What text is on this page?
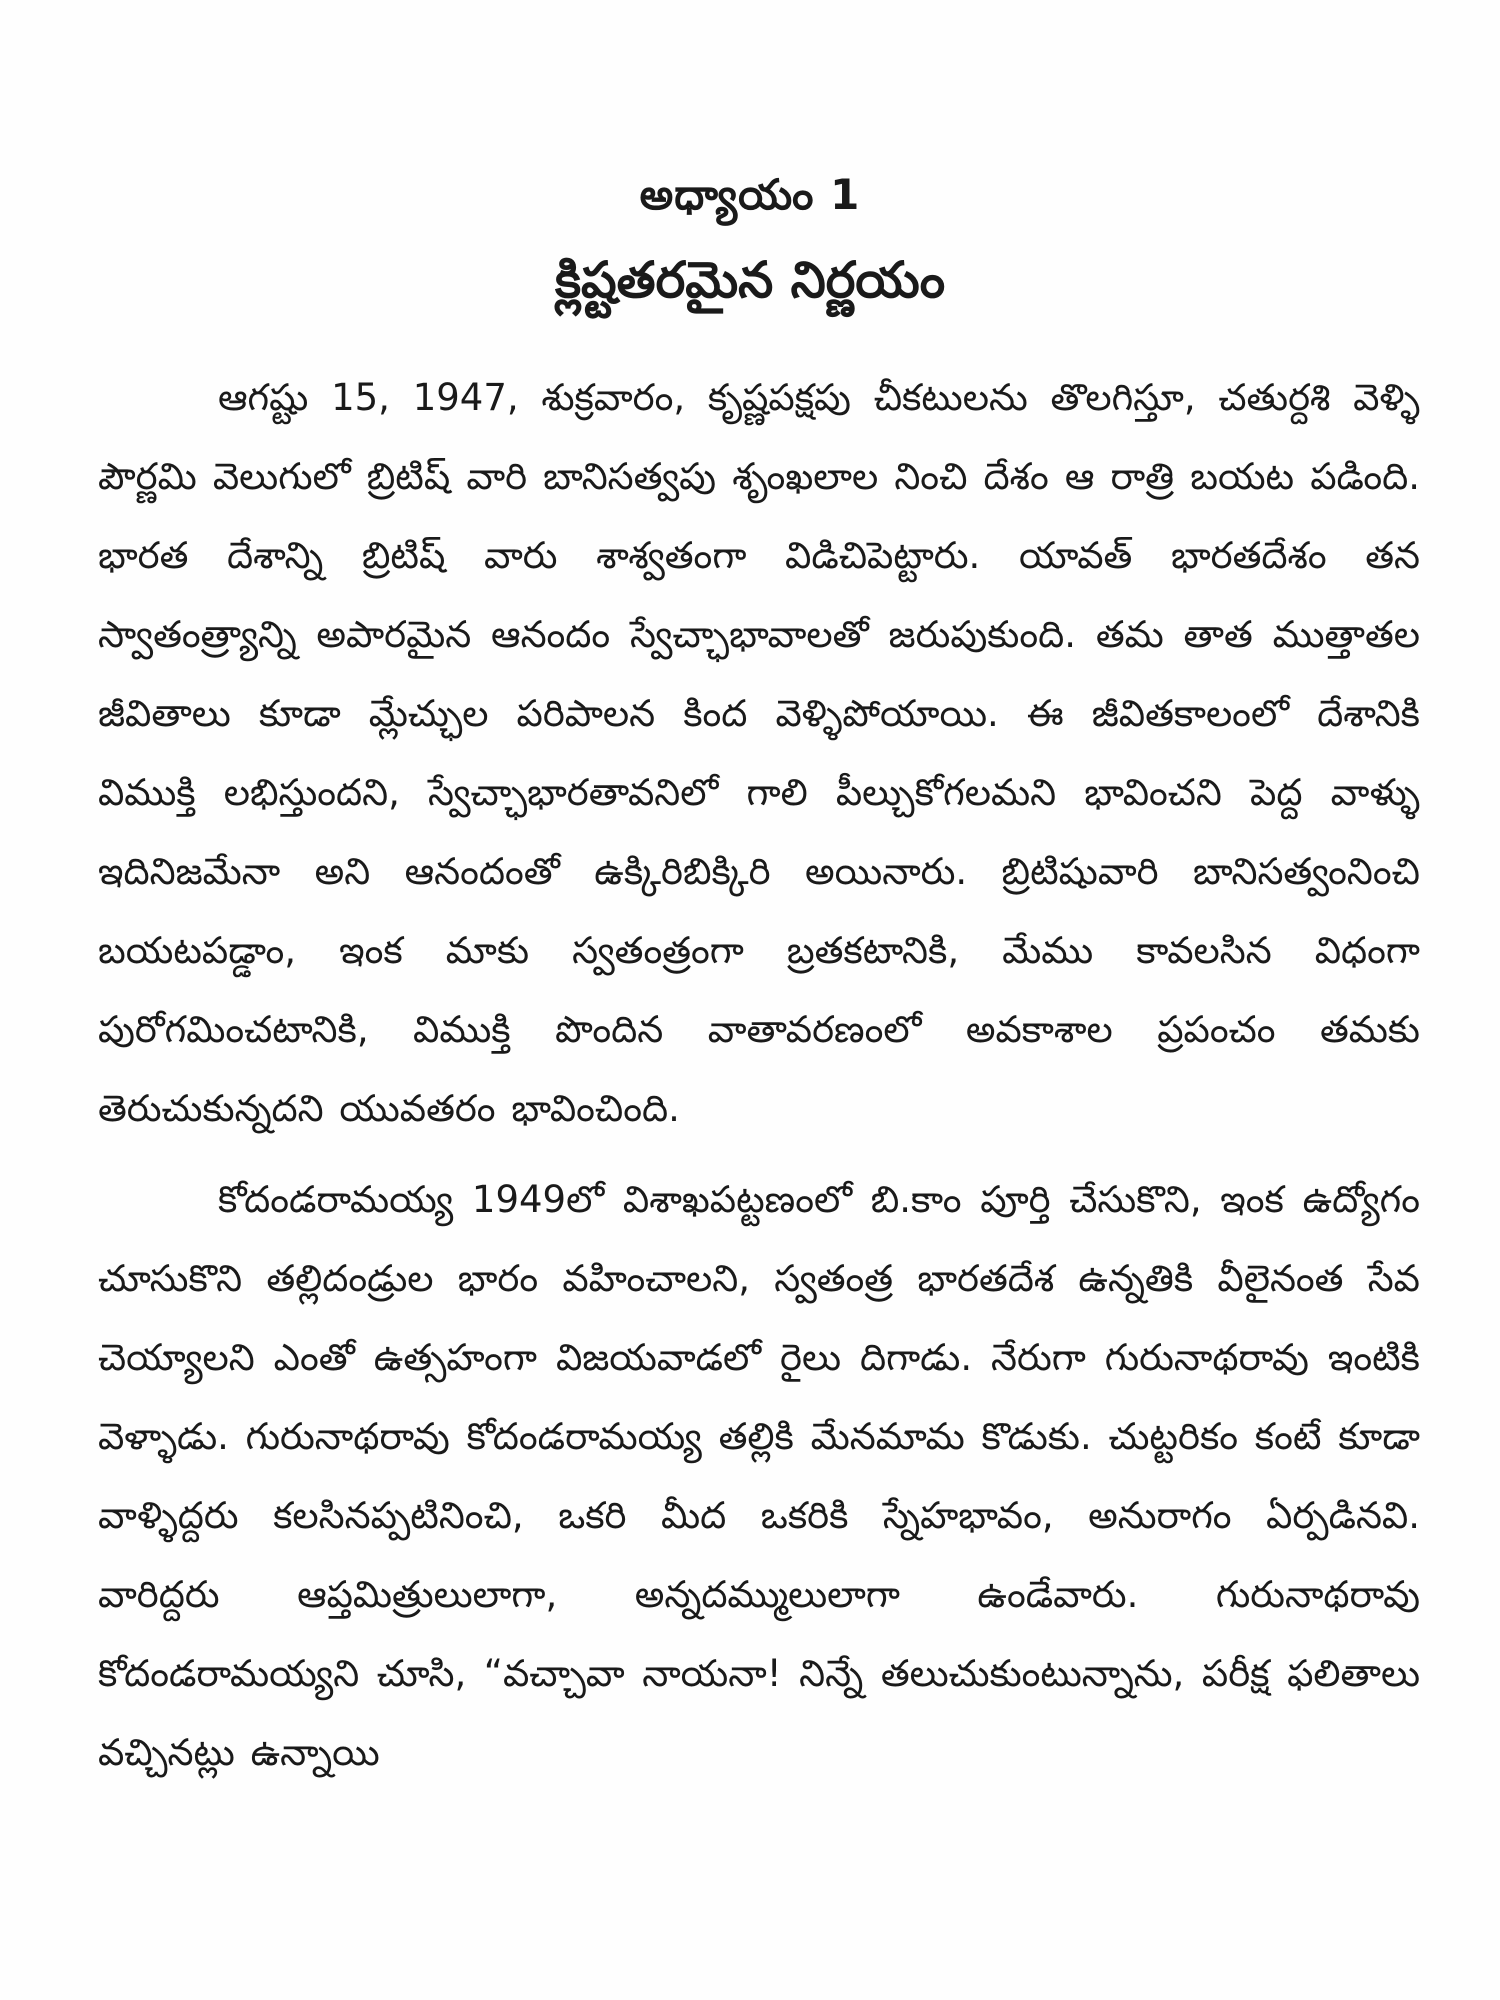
అధ్యాయం 1
క్లిష్టతరమైన నిర్ణయం

ఆగష్టు 15, 1947, శుక్రవారం, కృష్ణపక్షపు చీకటులను తొలగిస్తూ, చతుర్దశి వెళ్ళి పౌర్ణమి వెలుగులో బ్రిటిష్ వారి బానిసత్వపు శృంఖలాల నించి దేశం ఆ రాత్రి బయట పడింది. భారత దేశాన్ని బ్రిటిష్ వారు శాశ్వతంగా విడిచిపెట్టారు. యావత్ భారతదేశం తన స్వాతంత్ర్యాన్ని అపారమైన ఆనందం స్వేచ్ఛాభావాలతో జరుపుకుంది. తమ తాత ముత్తాతల జీవితాలు కూడా మ్లేచ్ఛుల పరిపాలన కింద వెళ్ళిపోయాయి. ఈ జీవితకాలంలో దేశానికి విముక్తి లభిస్తుందని, స్వేచ్ఛాభారతావనిలో గాలి పీల్చుకోగలమని భావించని పెద్ద వాళ్ళు ఇదినిజమేనా అని ఆనందంతో ఉక్కిరిబిక్కిరి అయినారు. బ్రిటిషువారి బానిసత్వంనించి బయటపడ్డాం, ఇంక మాకు స్వతంత్రంగా బ్రతకటానికి, మేము కావలసిన విధంగా పురోగమించటానికి, విముక్తి పొందిన వాతావరణంలో అవకాశాల ప్రపంచం తమకు తెరుచుకున్నదని యువతరం భావించింది.

కోదండరామయ్య 1949లో విశాఖపట్టణంలో బి.కాం పూర్తి చేసుకొని, ఇంక ఉద్యోగం చూసుకొని తల్లిదండ్రుల భారం వహించాలని, స్వతంత్ర భారతదేశ ఉన్నతికి వీలైనంత సేవ చెయ్యాలని ఎంతో ఉత్సహంగా విజయవాడలో రైలు దిగాడు. నేరుగా గురునాథరావు ఇంటికి వెళ్ళాడు. గురునాథరావు కోదండరామయ్య తల్లికి మేనమామ కొడుకు. చుట్టరికం కంటే కూడా వాళ్ళిద్దరు కలసినప్పటినించి, ఒకరి మీద ఒకరికి స్నేహభావం, అనురాగం ఏర్పడినవి. వారిద్దరు ఆప్తమిత్రులులాగా, అన్నదమ్ములులాగా ఉండేవారు. గురునాథరావు కోదండరామయ్యని చూసి, “వచ్చావా నాయనా! నిన్నే తలుచుకుంటున్నాను, పరీక్ష ఫలితాలు వచ్చినట్లు ఉన్నాయి
